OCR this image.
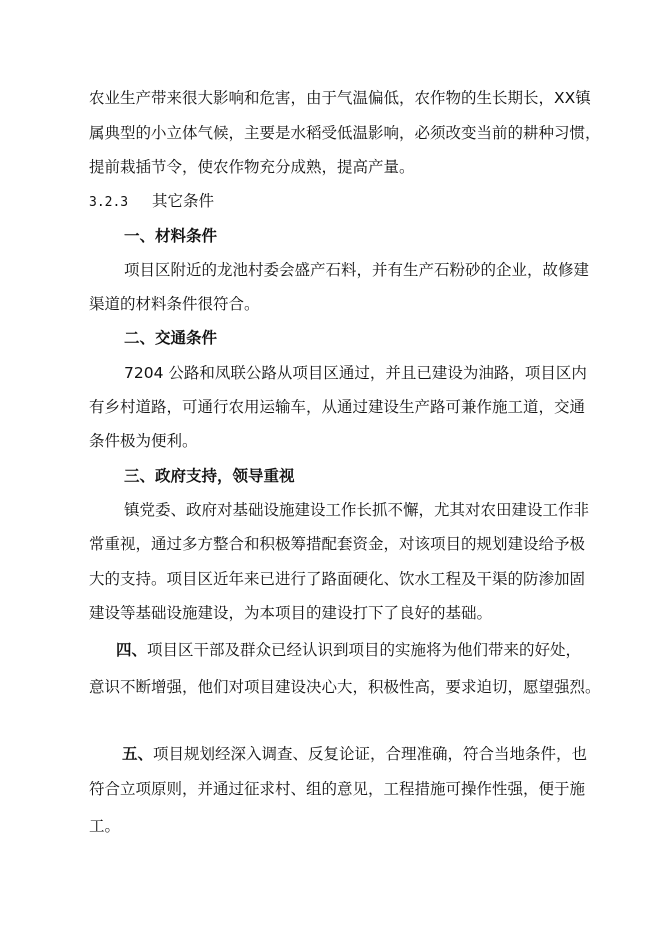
农业生产带来很大影响和危害，由于气温偏低，农作物的生长期长，XX镇
属典型的小立体气候，主要是水稻受低温影响，必须改变当前的耕种习惯，
提前栽插节令，使农作物充分成熟，提高产量。
3.2.3 其它条件
一、材料条件
项目区附近的龙池村委会盛产石料，并有生产石粉砂的企业，故修建
渠道的材料条件很符合。
二、交通条件
7204 公路和凤联公路从项目区通过，并且已建设为油路，项目区内
有乡村道路，可通行农用运输车，从通过建设生产路可兼作施工道，交通
条件极为便利。
三、政府支持，领导重视
镇党委、政府对基础设施建设工作长抓不懈，尤其对农田建设工作非
常重视，通过多方整合和积极筹措配套资金，对该项目的规划建设给予极
大的支持。项目区近年来已进行了路面硬化、饮水工程及干渠的防渗加固
建设等基础设施建设，为本项目的建设打下了良好的基础。
四、项目区干部及群众已经认识到项目的实施将为他们带来的好处，
意识不断增强，他们对项目建设决心大，积极性高，要求迫切，愿望强烈。
五、项目规划经深入调查、反复论证，合理准确，符合当地条件，也
符合立项原则，并通过征求村、组的意见，工程措施可操作性强，便于施
工。
